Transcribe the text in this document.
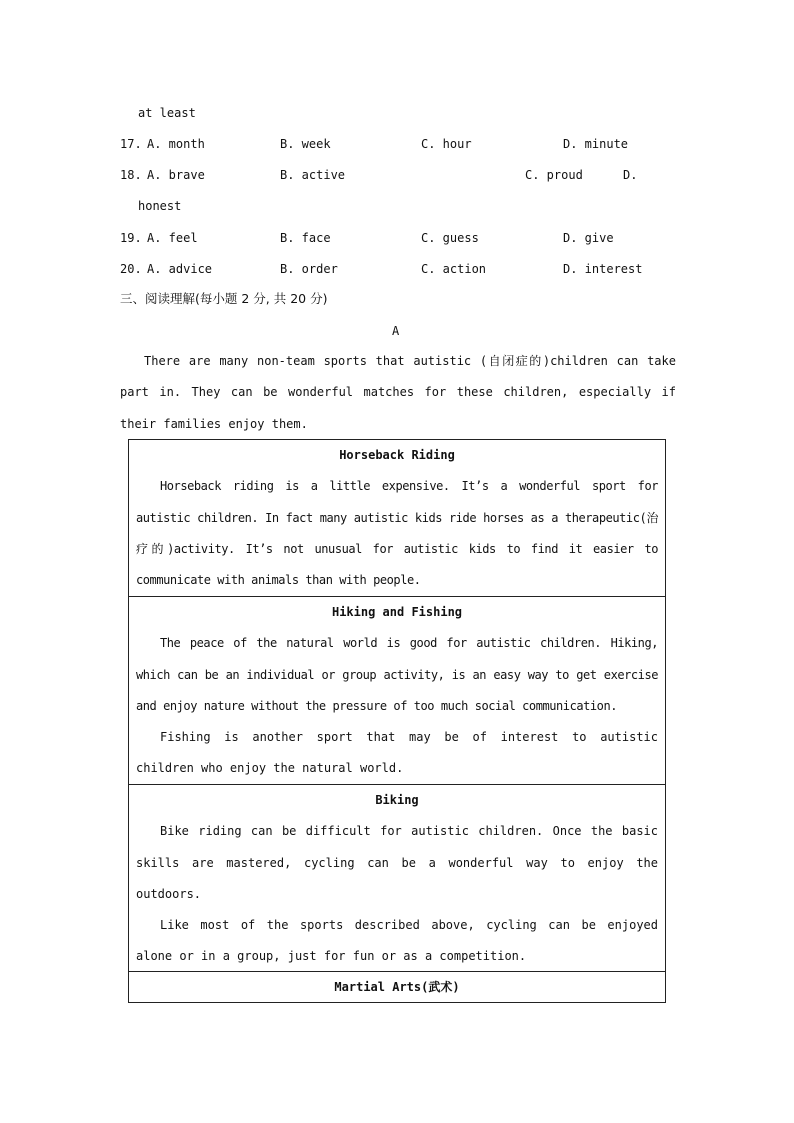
at least
17. A. month	B. week	C. hour	D. minute
18. A. brave	B. active	C. proud	D.
honest
19. A. feel	B. face	C. guess	D. give
20. A. advice	B. order	C. action	D. interest
三、阅读理解(每小题 2 分, 共 20 分)
A

There are many non-team sports that autistic (自闭症的)children can take part in. They can be wonderful matches for these children, especially if their families enjoy them.

Horseback Riding

Horseback riding is a little expensive. It’s a wonderful sport for autistic children. In fact many autistic kids ride horses as a therapeutic(治疗的)activity. It’s not unusual for autistic kids to find it easier to communicate with animals than with people.

Hiking and Fishing

The peace of the natural world is good for autistic children. Hiking, which can be an individual or group activity, is an easy way to get exercise and enjoy nature without the pressure of too much social communication.

Fishing is another sport that may be of interest to autistic children who enjoy the natural world.

Biking

Bike riding can be difficult for autistic children. Once the basic skills are mastered, cycling can be a wonderful way to enjoy the outdoors.

Like most of the sports described above, cycling can be enjoyed alone or in a group, just for fun or as a competition.

Martial Arts(武术)
